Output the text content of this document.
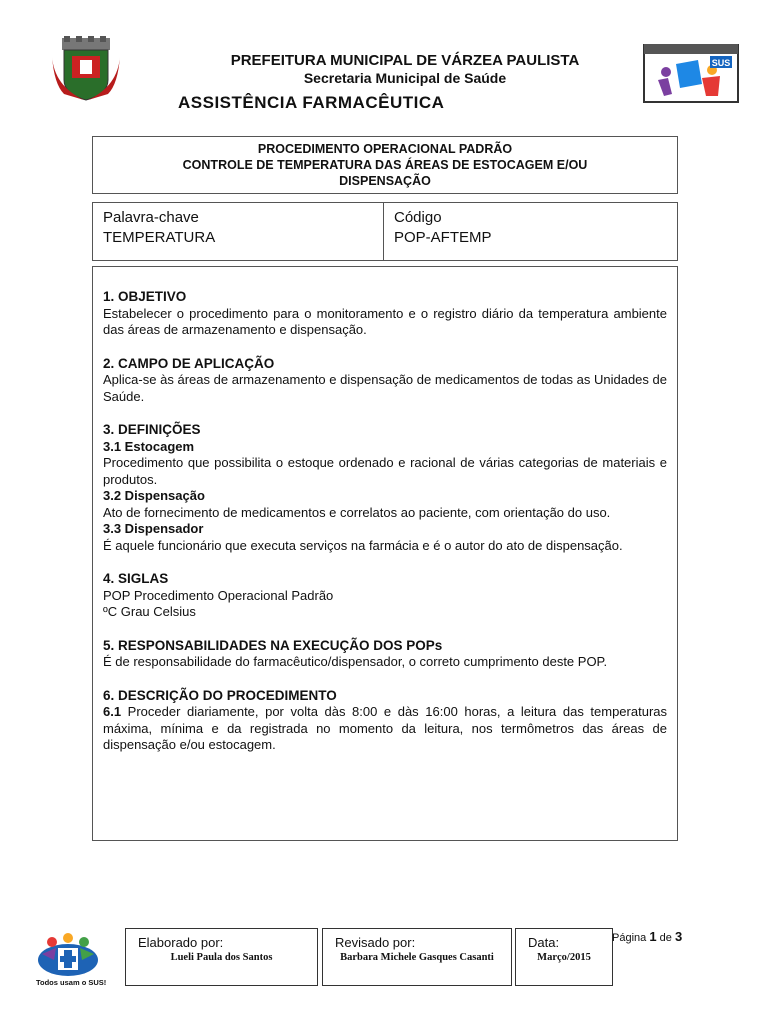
PREFEITURA MUNICIPAL DE VÁRZEA PAULISTA
Secretaria Municipal de Saúde
ASSISTÊNCIA FARMACÊUTICA
SUS
PROCEDIMENTO OPERACIONAL PADRÃO
CONTROLE DE TEMPERATURA DAS ÁREAS DE ESTOCAGEM E/OU
DISPENSAÇÃO
Palavra-chave
TEMPERATURA
Código
POP-AFTEMP
1. OBJETIVO
Estabelecer o procedimento para o monitoramento e o registro diário da temperatura ambiente das áreas de armazenamento e dispensação.
2. CAMPO DE APLICAÇÃO
Aplica-se às áreas de armazenamento e dispensação de medicamentos de todas as Unidades de Saúde.
3. DEFINIÇÕES
3.1 Estocagem
Procedimento que possibilita o estoque ordenado e racional de várias categorias de materiais e produtos.
3.2 Dispensação
Ato de fornecimento de medicamentos e correlatos ao paciente, com orientação do uso.
3.3 Dispensador
É aquele funcionário que executa serviços na farmácia e é o autor do ato de dispensação.
4. SIGLAS
POP Procedimento Operacional Padrão
ºC Grau Celsius
5. RESPONSABILIDADES NA EXECUÇÃO DOS POPs
É de responsabilidade do farmacêutico/dispensador, o correto cumprimento deste POP.
6. DESCRIÇÃO DO PROCEDIMENTO
6.1 Proceder diariamente, por volta dàs 8:00 e dàs 16:00 horas, a leitura das temperaturas máxima, mínima e da registrada no momento da leitura, nos termômetros das áreas de dispensação e/ou estocagem.
Todos usam o SUS!
Elaborado por:
Lueli Paula dos Santos
Revisado por:
Barbara Michele Gasques Casanti
Data:
Março/2015
Página 1 de 3
